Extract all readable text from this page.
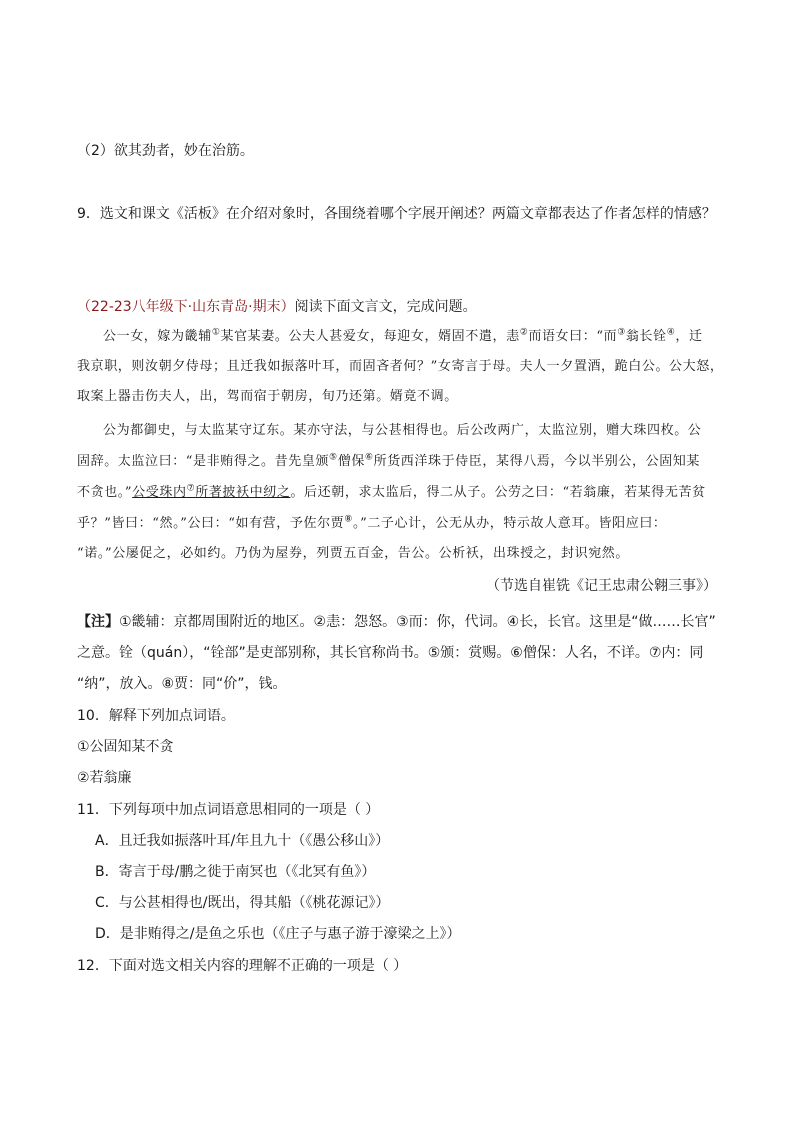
（2）欲其劲者，妙在治筋。
9．选文和课文《活板》在介绍对象时，各围绕着哪个字展开阐述？两篇文章都表达了作者怎样的情感？
（22-23八年级下·山东青岛·期末）阅读下面文言文，完成问题。
公一女，嫁为畿辅①某官某妻。公夫人甚爱女，每迎女，婿固不遣，恚②而语女曰：“而③翁长铨④，迁
我京职，则汝朝夕侍母；且迁我如振落叶耳，而固吝者何？”女寄言于母。夫人一夕置酒，跪白公。公大怒，
取案上器击伤夫人，出，驾而宿于朝房，旬乃还第。婿竟不调。
公为都御史，与太监某守辽东。某亦守法，与公甚相得也。后公改两广，太监泣别，赠大珠四枚。公
固辞。太监泣曰：“是非贿得之。昔先皇颁⑤僧保⑥所货西洋珠于侍臣，某得八焉，今以半别公，公固知某
不贪也。”公受珠内⑦所著披袄中纫之。后还朝，求太监后，得二从子。公劳之曰：“若翁廉，若某得无苦贫
乎？”皆曰：“然。”公曰：“如有营，予佐尔贾⑧。”二子心计，公无从办，特示故人意耳。皆阳应曰：
“诺。”公屡促之，必如约。乃伪为屋券，列贾五百金，告公。公析袄，出珠授之，封识宛然。
（节选自崔铣《记王忠肃公翱三事》）
【注】①畿辅：京都周围附近的地区。②恚：怨怒。③而：你，代词。④长，长官。这里是“做……长官”
之意。铨（quán），“铨部”是吏部别称，其长官称尚书。⑤颁：赏赐。⑥僧保：人名，不详。⑦内：同
“纳”，放入。⑧贾：同“价”，钱。
10．解释下列加点词语。
①公固知某不贪
②若翁廉
11．下列每项中加点词语意思相同的一项是（ ）
A．且迁我如振落叶耳/年且九十（《愚公移山》）
B．寄言于母/鹏之徙于南冥也（《北冥有鱼》）
C．与公甚相得也/既出，得其船（《桃花源记》）
D．是非贿得之/是鱼之乐也（《庄子与惠子游于濠梁之上》）
12．下面对选文相关内容的理解不正确的一项是（ ）
